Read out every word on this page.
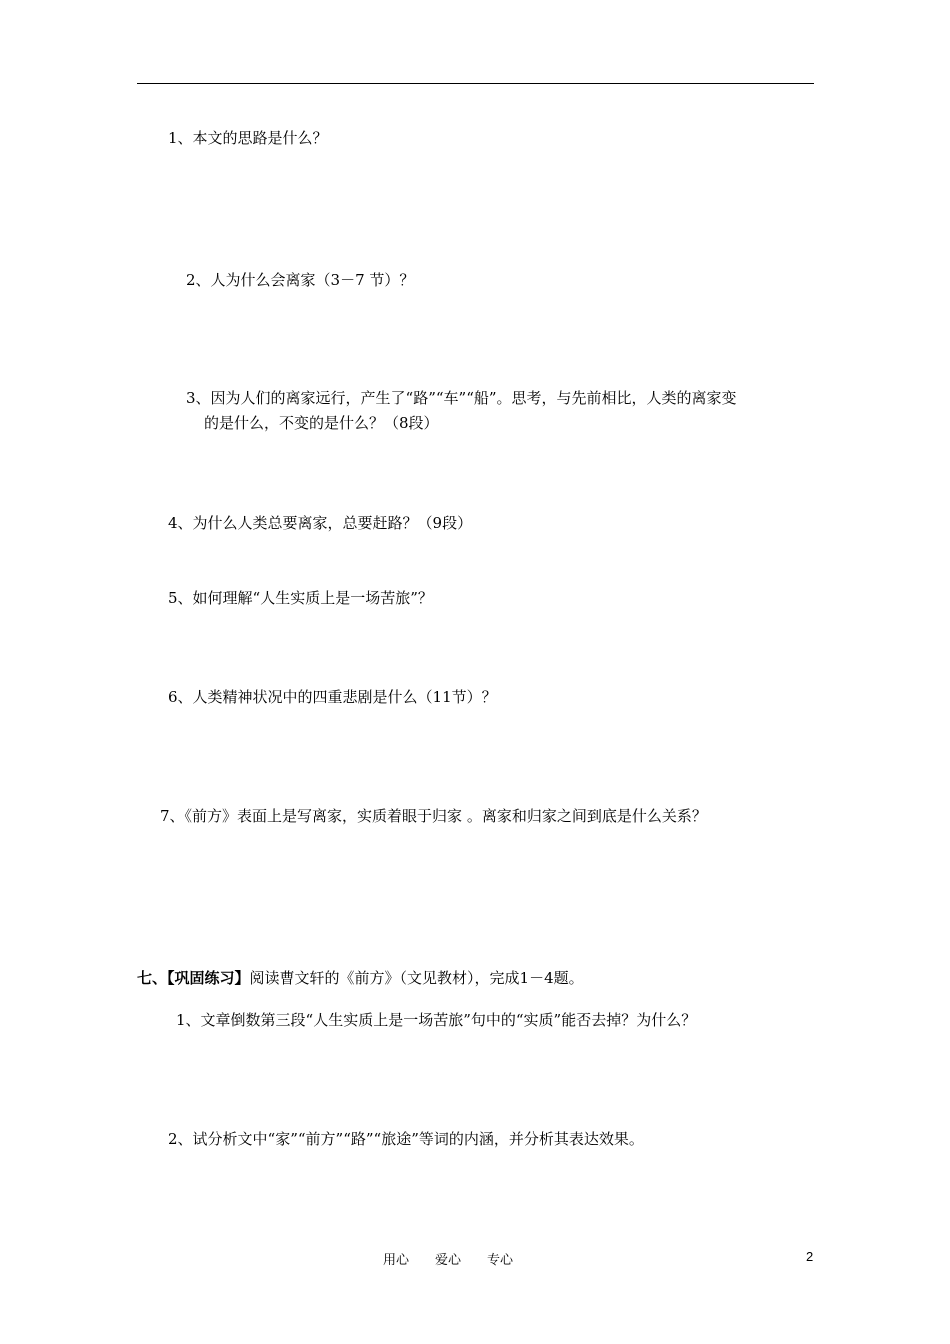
1、本文的思路是什么？
2、人为什么会离家（3－7 节）？
3、因为人们的离家远行，产生了“路”“车”“船”。思考，与先前相比，人类的离家变
的是什么，不变的是什么？（8段）
4、为什么人类总要离家，总要赶路？（9段）
5、如何理解“人生实质上是一场苦旅”？
6、人类精神状况中的四重悲剧是什么（11节）？
7、《前方》表面上是写离家，实质着眼于归家 。离家和归家之间到底是什么关系？
七、【巩固练习】阅读曹文轩的《前方》（文见教材），完成1－4题。
1、文章倒数第三段“人生实质上是一场苦旅”句中的“实质”能否去掉？为什么？
2、试分析文中“家”“前方”“路”“旅途”等词的内涵，并分析其表达效果。
用心　　爱心　　专心	2
